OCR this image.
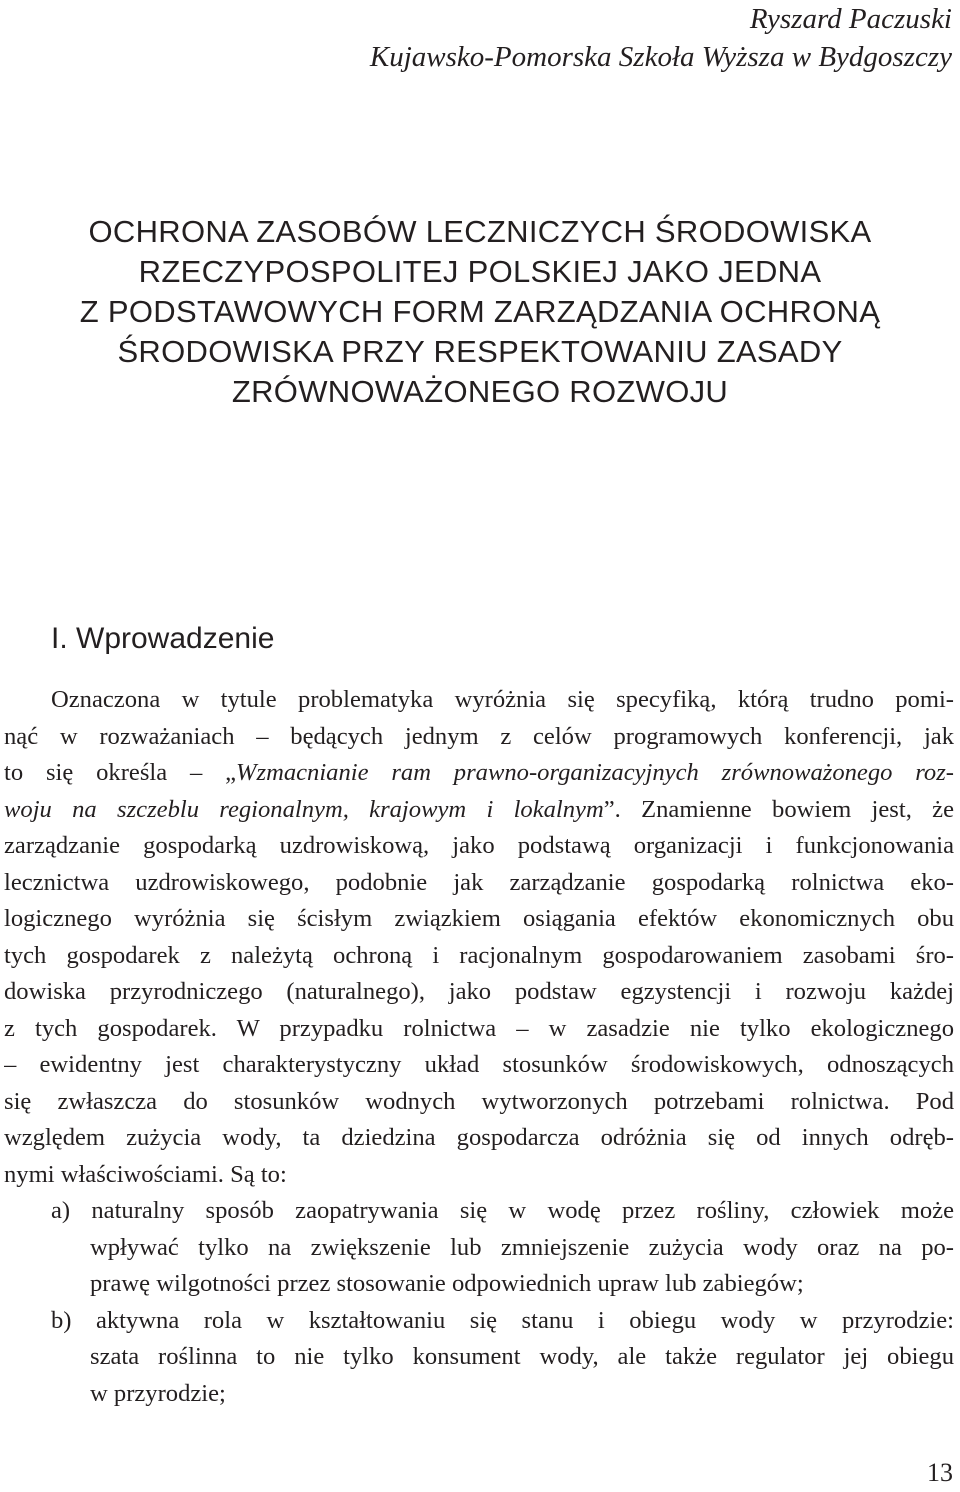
Ryszard Paczuski
Kujawsko-Pomorska Szkoła Wyższa w Bydgoszczy
OCHRONA ZASOBÓW LECZNICZYCH ŚRODOWISKA
RZECZYPOSPOLITEJ POLSKIEJ JAKO JEDNA
Z PODSTAWOWYCH FORM ZARZĄDZANIA OCHRONĄ
ŚRODOWISKA PRZY RESPEKTOWANIU ZASADY
ZRÓWNOWAŻONEGO ROZWOJU
I. Wprowadzenie
Oznaczona w tytule problematyka wyróżnia się specyfiką, którą trudno pomi-
nąć w rozważaniach – będących jednym z celów programowych konferencji, jak
to się określa – „Wzmacnianie ram prawno-organizacyjnych zrównoważonego roz-
woju na szczeblu regionalnym, krajowym i lokalnym”. Znamienne bowiem jest, że
zarządzanie gospodarką uzdrowiskową, jako podstawą organizacji i funkcjonowania
lecznictwa uzdrowiskowego, podobnie jak zarządzanie gospodarką rolnictwa eko-
logicznego wyróżnia się ścisłym związkiem osiągania efektów ekonomicznych obu
tych gospodarek z należytą ochroną i racjonalnym gospodarowaniem zasobami śro-
dowiska przyrodniczego (naturalnego), jako podstaw egzystencji i rozwoju każdej
z tych gospodarek. W przypadku rolnictwa – w zasadzie nie tylko ekologicznego
– ewidentny jest charakterystyczny układ stosunków środowiskowych, odnoszących
się zwłaszcza do stosunków wodnych wytworzonych potrzebami rolnictwa. Pod
względem zużycia wody, ta dziedzina gospodarcza odróżnia się od innych odręb-
nymi właściwościami. Są to:
a) naturalny sposób zaopatrywania się w wodę przez rośliny, człowiek może
wpływać tylko na zwiększenie lub zmniejszenie zużycia wody oraz na po-
prawę wilgotności przez stosowanie odpowiednich upraw lub zabiegów;
b) aktywna rola w kształtowaniu się stanu i obiegu wody w przyrodzie:
szata roślinna to nie tylko konsument wody, ale także regulator jej obiegu
w przyrodzie;
13
